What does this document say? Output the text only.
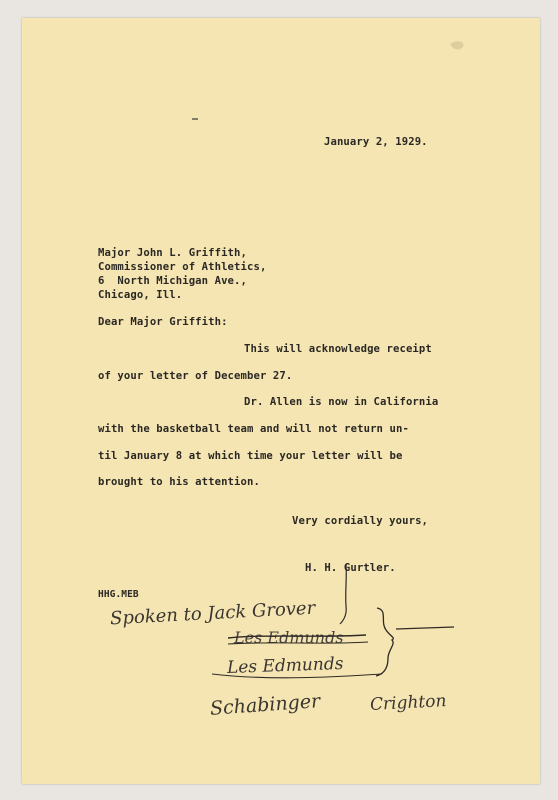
January 2, 1929.
Major John L. Griffith,
Commissioner of Athletics,
6  North Michigan Ave.,
Chicago, Ill.
Dear Major Griffith:
This will acknowledge receipt
of your letter of December 27.
Dr. Allen is now in California
with the basketball team and will not return un-
til January 8 at which time your letter will be
brought to his attention.
Very cordially yours,
H. H. Gurtler.
HHG.MEB
Spoken to Jack Grover
Les Edmunds
Les Edmunds
Schabinger	Crighton
